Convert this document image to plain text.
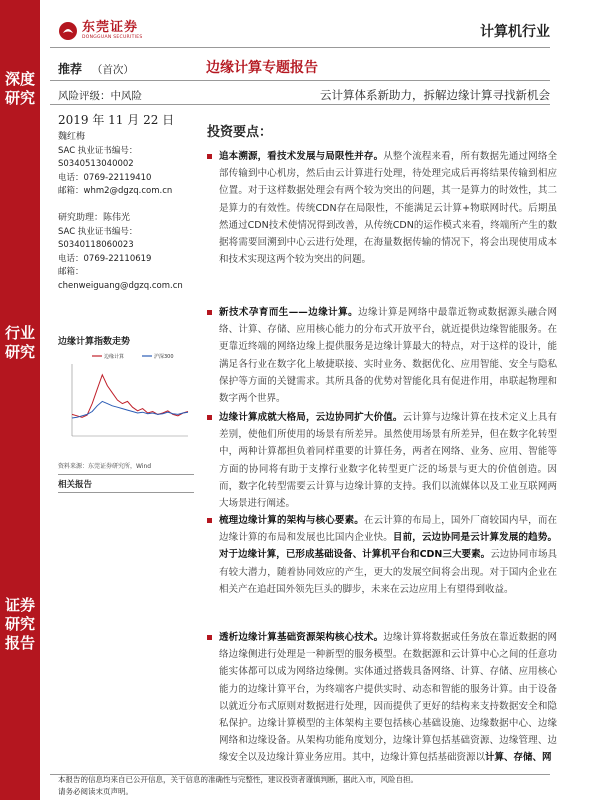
深度研究
行业研究
证券研究报告
东莞证券
DONGGUAN SECURITIES	计算机行业
推荐 （首次）	边缘计算专题报告
风险评级：中风险	云计算体系新助力，拆解边缘计算寻找新机会
2019 年 11 月 22 日
魏红梅
SAC 执业证书编号：
S0340513040002
电话：0769-22119410
邮箱：whm2@dgzq.com.cn
研究助理：陈伟光
SAC 执业证书编号：
S0340118060023
电话：0769-22110619
邮箱：
chenweiguang@dgzq.com.cn
边缘计算指数走势
边缘计算	沪深300
资料来源：东莞证券研究所，Wind
相关报告
投资要点：
追本溯源，看技术发展与局限性并存。从整个流程来看，所有数据先通过网络全部传输到中心机房，然后由云计算进行处理，待处理完成后再将结果传输到相应位置。对于这样数据处理会有两个较为突出的问题，其一是算力的时效性，其二是算力的有效性。传统CDN存在局限性，不能满足云计算+物联网时代。后期虽然通过CDN技术使情况得到改善，从传统CDN的运作模式来看，终端所产生的数据将需要回溯到中心云进行处理，在海量数据传输的情况下，将会出现使用成本和技术实现这两个较为突出的问题。
新技术孕育而生——边缘计算。边缘计算是网络中最靠近物或数据源头融合网络、计算、存储、应用核心能力的分布式开放平台，就近提供边缘智能服务。在更靠近终端的网络边缘上提供服务是边缘计算最大的特点，对于这样的设计，能满足各行业在数字化上敏捷联接、实时业务、数据优化、应用智能、安全与隐私保护等方面的关键需求。其所具备的优势对智能化具有促进作用，串联起物理和数字两个世界。
边缘计算成就大格局，云边协同扩大价值。云计算与边缘计算在技术定义上具有差别，使他们所使用的场景有所差异。虽然使用场景有所差异，但在数字化转型中，两种计算都担负着同样重要的计算任务，两者在网络、业务、应用、智能等方面的协同将有助于支撑行业数字化转型更广泛的场景与更大的价值创造。因而，数字化转型需要云计算与边缘计算的支持。我们以流媒体以及工业互联网两大场景进行阐述。
梳理边缘计算的架构与核心要素。在云计算的布局上，国外厂商较国内早，而在边缘计算的布局和发展也比国内企业快。目前，云边协同是云计算发展的趋势。对于边缘计算，已形成基础设备、计算机平台和CDN三大要素。云边协同市场具有较大潜力，随着协同效应的产生，更大的发展空间将会出现。对于国内企业在相关产在追赶国外领先巨头的脚步，未来在云边应用上有望得到收益。
透析边缘计算基础资源架构核心技术。边缘计算将数据或任务放在靠近数据的网络边缘侧进行处理是一种新型的服务模型。在数据源和云计算中心之间的任意功能实体都可以成为网络边缘侧。实体通过搭载具备网络、计算、存储、应用核心能力的边缘计算平台，为终端客户提供实时、动态和智能的服务计算。由于设备以就近分布式原则对数据进行处理，因而提供了更好的结构来支持数据安全和隐私保护。边缘计算模型的主体架构主要包括核心基础设施、边缘数据中心、边缘网络和边缘设备。从架构功能角度划分，边缘计算包括基础资源、边缘管理、边缘安全以及边缘计算业务应用。其中，边缘计算包括基础资源以计算、存储、网
本报告的信息均来自已公开信息，关于信息的准确性与完整性，建议投资者谨慎判断，据此入市，风险自担。
请务必阅读末页声明。
